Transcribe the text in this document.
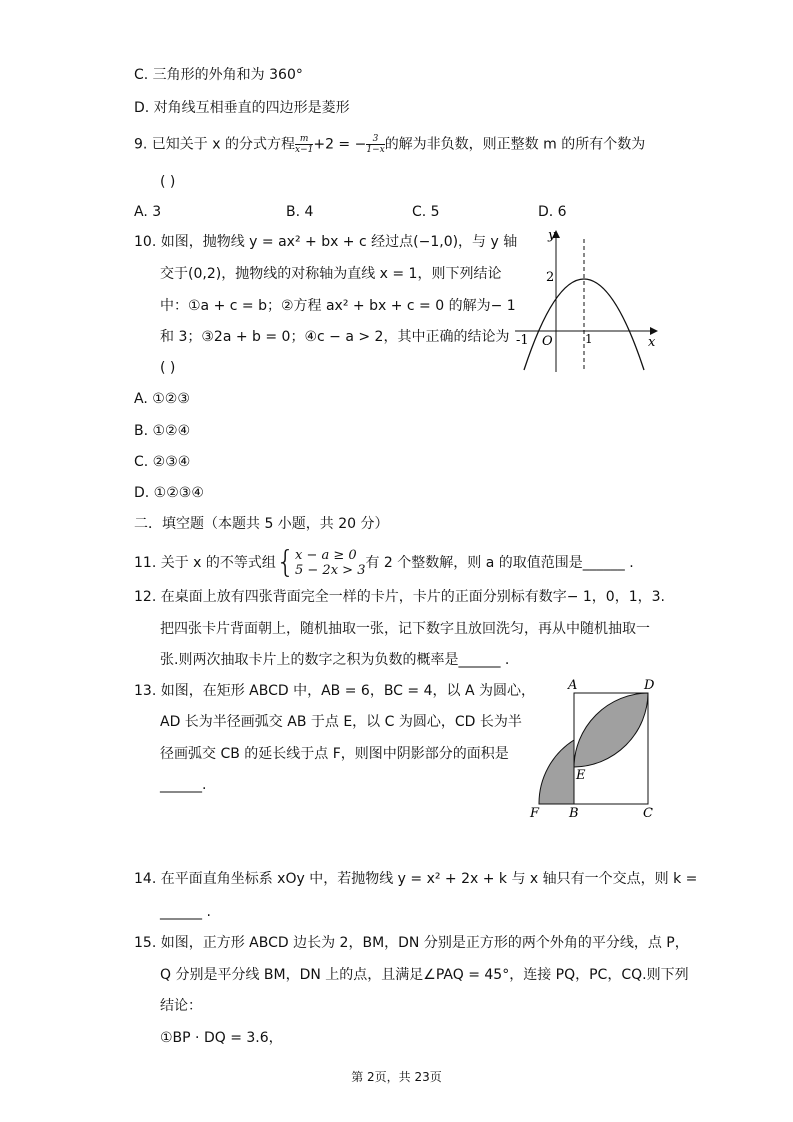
C. 三角形的外角和为 360°
D. 对角线互相垂直的四边形是菱形
9. 已知关于 x 的分式方程 $\frac{m}{x-1} +2$ = − $\frac{3}{1-x}$ 的解为非负数，则正整数 m 的所有个数为
( )
A. 3	B. 4	C. 5	D. 6
10. 如图，抛物线 y = ax² + bx + c 经过点(−1,0)，与 y 轴
交于(0,2)，抛物线的对称轴为直线 x = 1，则下列结论
中：①a + c = b；②方程 ax² + bx + c = 0 的解为− 1
和 3；③2a + b = 0；④c − a > 2，其中正确的结论为
( )
y
x
2
-1 O	1
A. ①②③
B. ①②④
C. ②③④
D. ①②③④
二．填空题（本题共 5 小题，共 20 分）
11. 关于 x 的不等式组{ x − a ≥ 0
5 − 2x > 3 有 2 个整数解，则 a 的取值范围是______ .
12. 在桌面上放有四张背面完全一样的卡片，卡片的正面分别标有数字− 1，0，1，3.
把四张卡片背面朝上，随机抽取一张，记下数字且放回洗匀，再从中随机抽取一
张.则两次抽取卡片上的数字之积为负数的概率是______ .
13. 如图，在矩形 ABCD 中，AB = 6，BC = 4，以 A 为圆心，
AD 长为半径画弧交 AB 于点 E，以 C 为圆心，CD 长为半
径画弧交 CB 的延长线于点 F，则图中阴影部分的面积是
______.
A	D
E
F B	C
14. 在平面直角坐标系 xOy 中，若抛物线 y = x² + 2x + k 与 x 轴只有一个交点，则 k =
______ .
15. 如图，正方形 ABCD 边长为 2，BM，DN 分别是正方形的两个外角的平分线，点 P，
Q 分别是平分线 BM，DN 上的点，且满足∠PAQ = 45°，连接 PQ，PC，CQ.则下列
结论：
①BP · DQ = 3.6，
第 2页，共 23页
